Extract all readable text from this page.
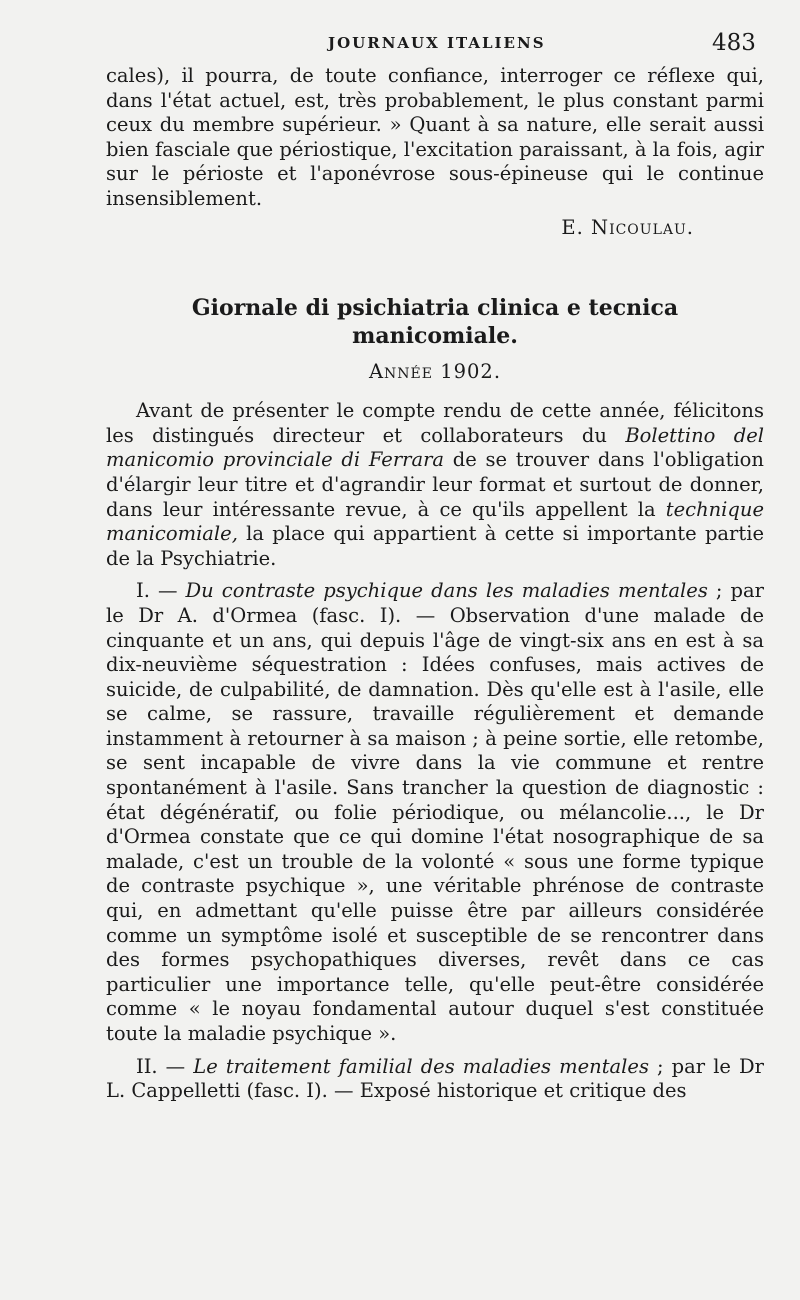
JOURNAUX ITALIENS	483

cales), il pourra, de toute confiance, interroger ce réflexe qui, dans l'état actuel, est, très probablement, le plus constant parmi ceux du membre supérieur. » Quant à sa nature, elle serait aussi bien fasciale que périostique, l'excitation paraissant, à la fois, agir sur le périoste et l'aponévrose sous-épineuse qui le continue insensiblement.

E. Nicoulau.
Giornale di psichiatria clinica e tecnica manicomiale.
Année 1902.

Avant de présenter le compte rendu de cette année, félicitons les distingués directeur et collaborateurs du Bolettino del manicomio provinciale di Ferrara de se trouver dans l'obligation d'élargir leur titre et d'agrandir leur format et surtout de donner, dans leur intéressante revue, à ce qu'ils appellent la technique manicomiale, la place qui appartient à cette si importante partie de la Psychiatrie.

I. — Du contraste psychique dans les maladies mentales ; par le Dr A. d'Ormea (fasc. I). — Observation d'une malade de cinquante et un ans, qui depuis l'âge de vingt-six ans en est à sa dix-neuvième séquestration : Idées confuses, mais actives de suicide, de culpabilité, de damnation. Dès qu'elle est à l'asile, elle se calme, se rassure, travaille régulièrement et demande instamment à retourner à sa maison ; à peine sortie, elle retombe, se sent incapable de vivre dans la vie commune et rentre spontanément à l'asile. Sans trancher la question de diagnostic : état dégénératif, ou folie périodique, ou mélancolie..., le Dr d'Ormea constate que ce qui domine l'état nosographique de sa malade, c'est un trouble de la volonté « sous une forme typique de contraste psychique », une véritable phrénose de contraste qui, en admettant qu'elle puisse être par ailleurs considérée comme un symptôme isolé et susceptible de se rencontrer dans des formes psychopathiques diverses, revêt dans ce cas particulier une importance telle, qu'elle peut-être considérée comme « le noyau fondamental autour duquel s'est constituée toute la maladie psychique ».

II. — Le traitement familial des maladies mentales ; par le Dr L. Cappelletti (fasc. I). — Exposé historique et critique des
